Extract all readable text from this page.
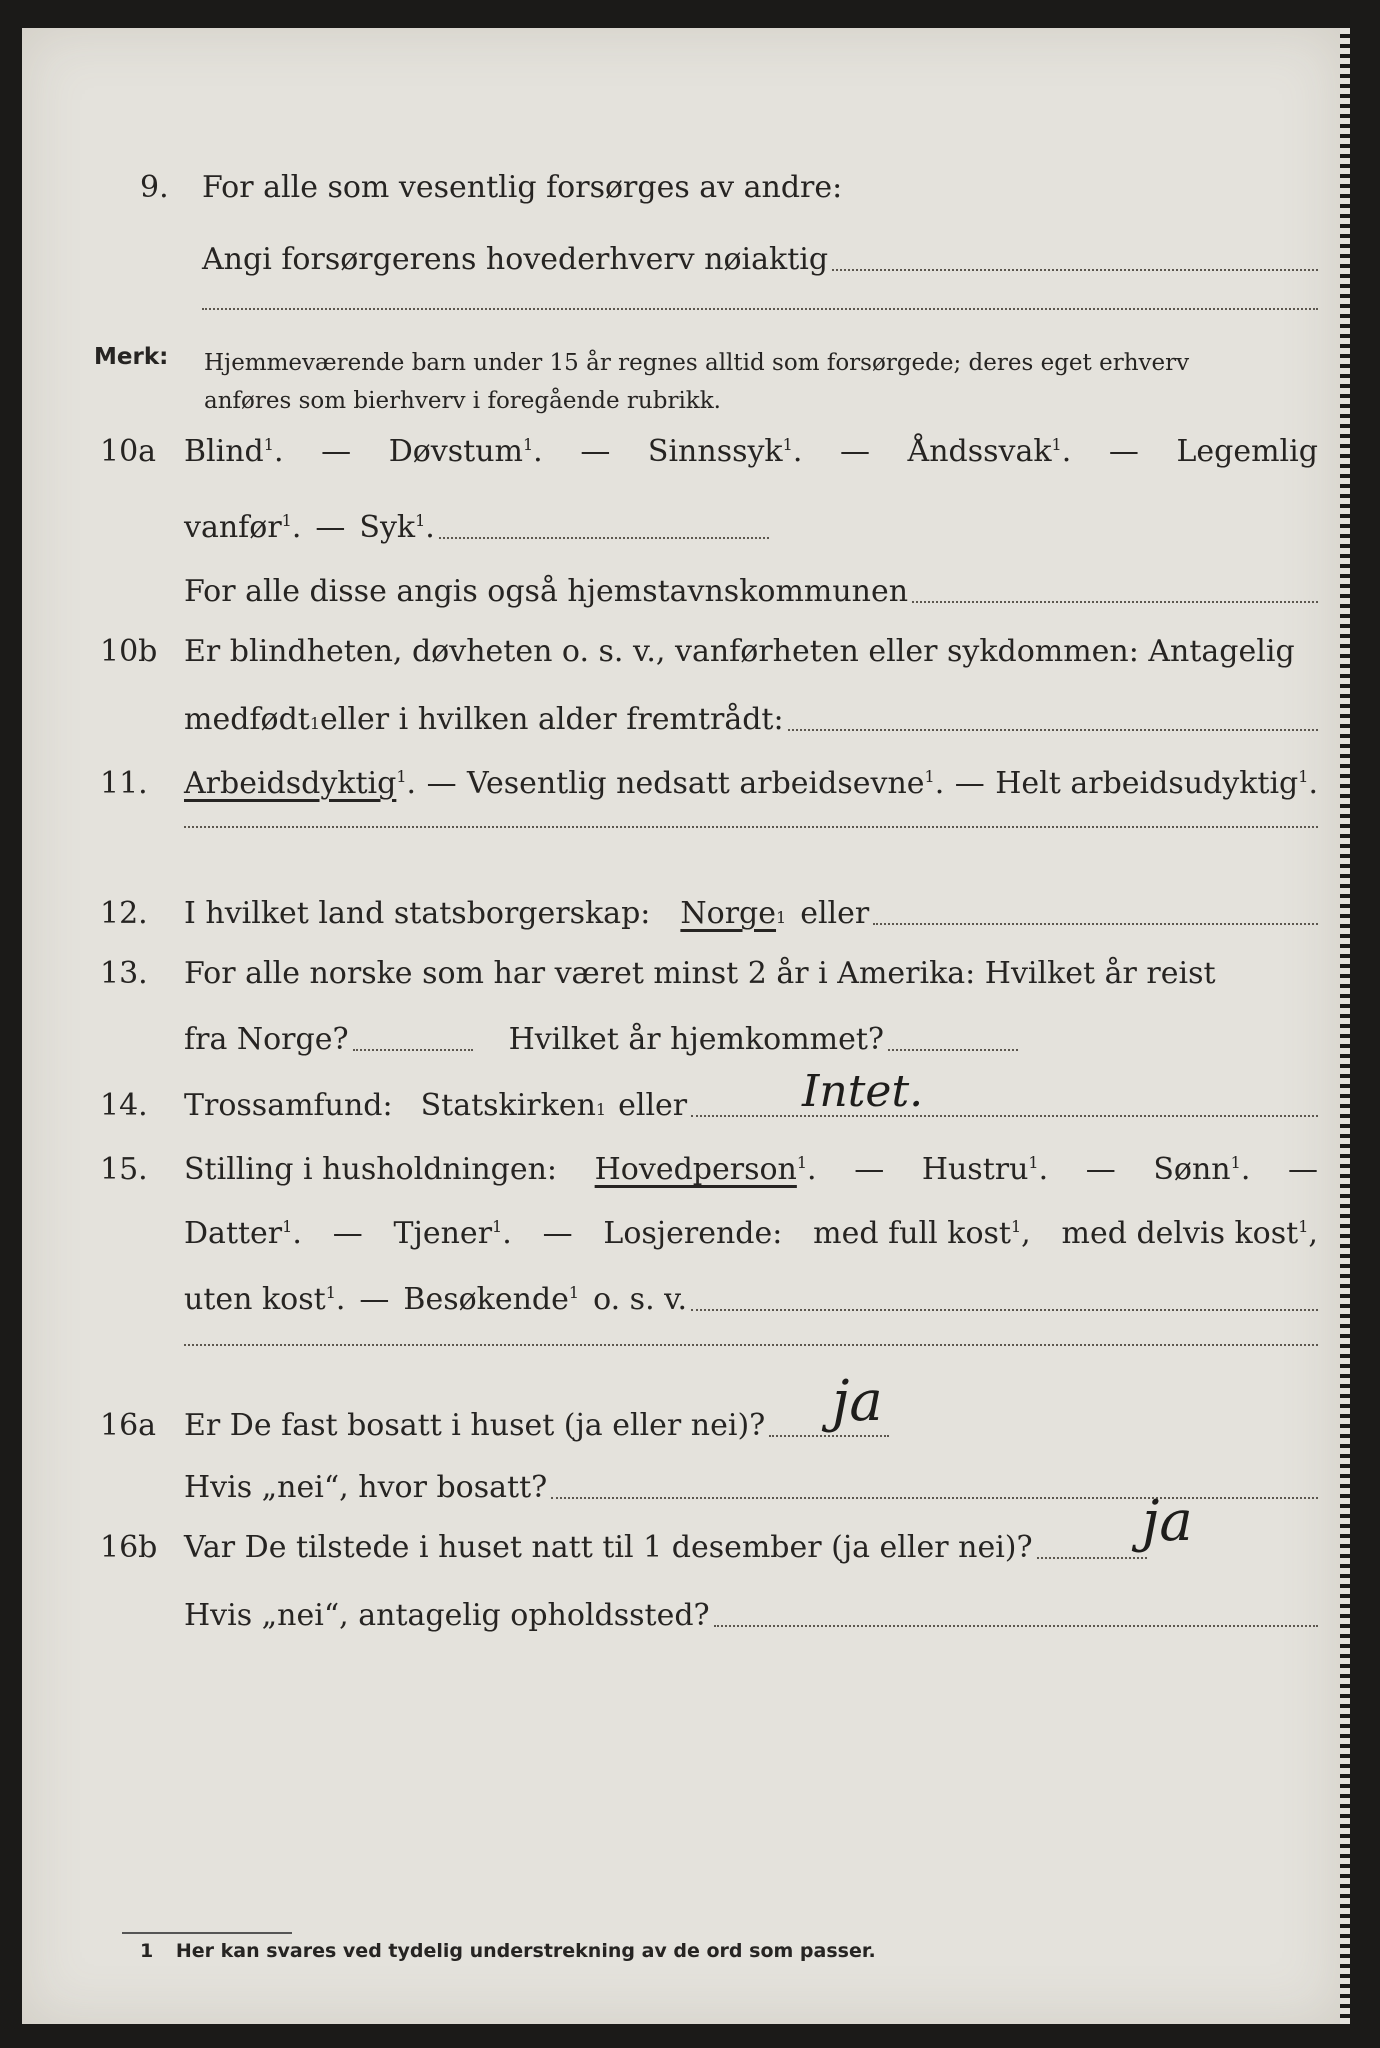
9. For alle som vesentlig forsørges av andre:
Angi forsørgerens hovederhverv nøiaktig
Merk: Hjemmeværende barn under 15 år regnes alltid som forsørgede; deres eget erhverv
anføres som bierhverv i foregående rubrikk.
10a Blind$^1$. — Døvstum$^1$. — Sinnssyk$^1$. — Åndssvak$^1$. — Legemlig
vanfør$^1$. — Syk$^1$.
For alle disse angis også hjemstavnskommunen
10b Er blindheten, døvheten o. s. v., vanførheten eller sykdommen: Antagelig
medfødt 1 eller i hvilken alder fremtrådt:
11. Arbeidsdyktig$^1$. — Vesentlig nedsatt arbeidsevne$^1$. — Helt arbeidsudyktig$^1$.
12. I hvilket land statsborgerskap: Norge 1 eller
13. For alle norske som har været minst 2 år i Amerika: Hvilket år reist
fra Norge?	Hvilket år hjemkommet?
14. Trossamfund: Statskirken 1 eller	Intet.
15. Stilling i husholdningen: Hovedperson$^1$. — Hustru$^1$. — Sønn$^1$. —
Datter$^1$. — Tjener$^1$. — Losjerende: med full kost$^1$, med delvis kost$^1$,
uten kost$^1$. — Besøkende$^1$ o. s. v.
16a Er De fast bosatt i huset (ja eller nei)? ja
Hvis „nei“, hvor bosatt?
16b Var De tilstede i huset natt til 1 desember (ja eller nei)? ja
Hvis „nei“, antagelig opholdssted?
1 Her kan svares ved tydelig understrekning av de ord som passer.
